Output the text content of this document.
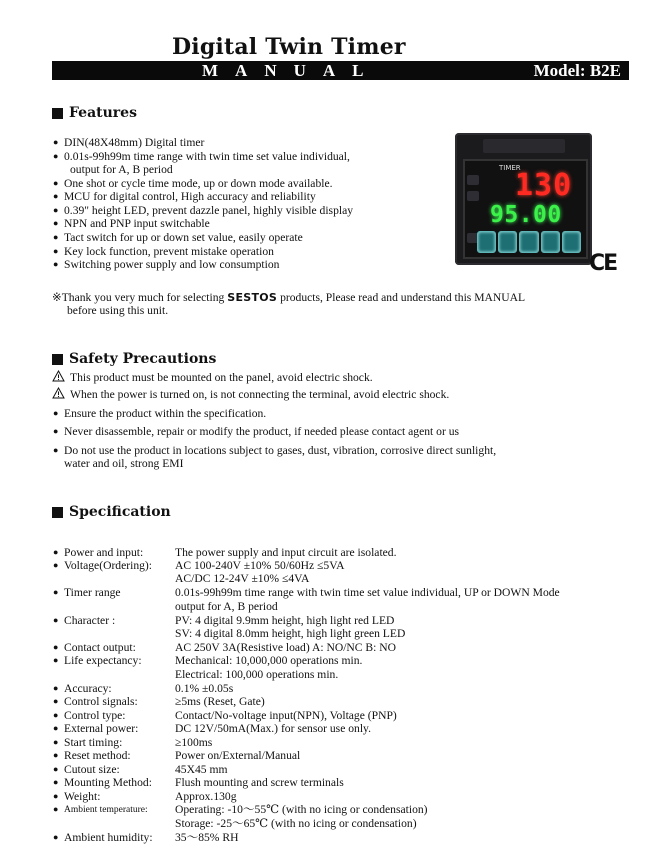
Digital Twin Timer
MANUAL	Model: B2E
Features
● DIN(48X48mm) Digital timer
● 0.01s-99h99m time range with twin time set value individual,
output for A, B period
● One shot or cycle time mode, up or down mode available.
● MCU for digital control, High accuracy and reliability
● 0.39" height LED, prevent dazzle panel, highly visible display
● NPN and PNP input switchable
● Tact switch for up or down set value, easily operate
● Key lock function, prevent mistake operation
● Switching power supply and low consumption
TIMER
130
95.00
CE
※Thank you very much for selecting SESTOS products, Please read and understand this MANUAL
before using this unit.
Safety Precautions
This product must be mounted on the panel, avoid electric shock.
When the power is turned on, is not connecting the terminal, avoid electric shock.
● Ensure the product within the specification.
● Never disassemble, repair or modify the product, if needed please contact agent or us
● Do not use the product in locations subject to gases, dust, vibration, corrosive direct sunlight,
water and oil, strong EMI
Specification
● Power and input:	The power supply and input circuit are isolated.
● Voltage(Ordering): AC 100-240V ±10% 50/60Hz ≤5VA
AC/DC 12-24V ±10% ≤4VA
● Timer range	0.01s-99h99m time range with twin time set value individual, UP or DOWN Mode
output for A, B period
● Character :	PV: 4 digital 9.9mm height, high light red LED
SV: 4 digital 8.0mm height, high light green LED
● Contact output:	AC 250V 3A(Resistive load) A: NO/NC B: NO
● Life expectancy:	Mechanical: 10,000,000 operations min.
Electrical: 100,000 operations min.
● Accuracy:	0.1% ±0.05s
● Control signals:	≥5ms (Reset, Gate)
● Control type:	Contact/No-voltage input(NPN), Voltage (PNP)
● External power:	DC 12V/50mA(Max.) for sensor use only.
● Start timing:	≥100ms
● Reset method:	Power on/External/Manual
● Cutout size:	45X45 mm
● Mounting Method: Flush mounting and screw terminals
● Weight:	Approx.130g
● Ambient temperature: Operating: -10～55℃ (with no icing or condensation)
Storage: -25～65℃ (with no icing or condensation)
● Ambient humidity: 35～85% RH
